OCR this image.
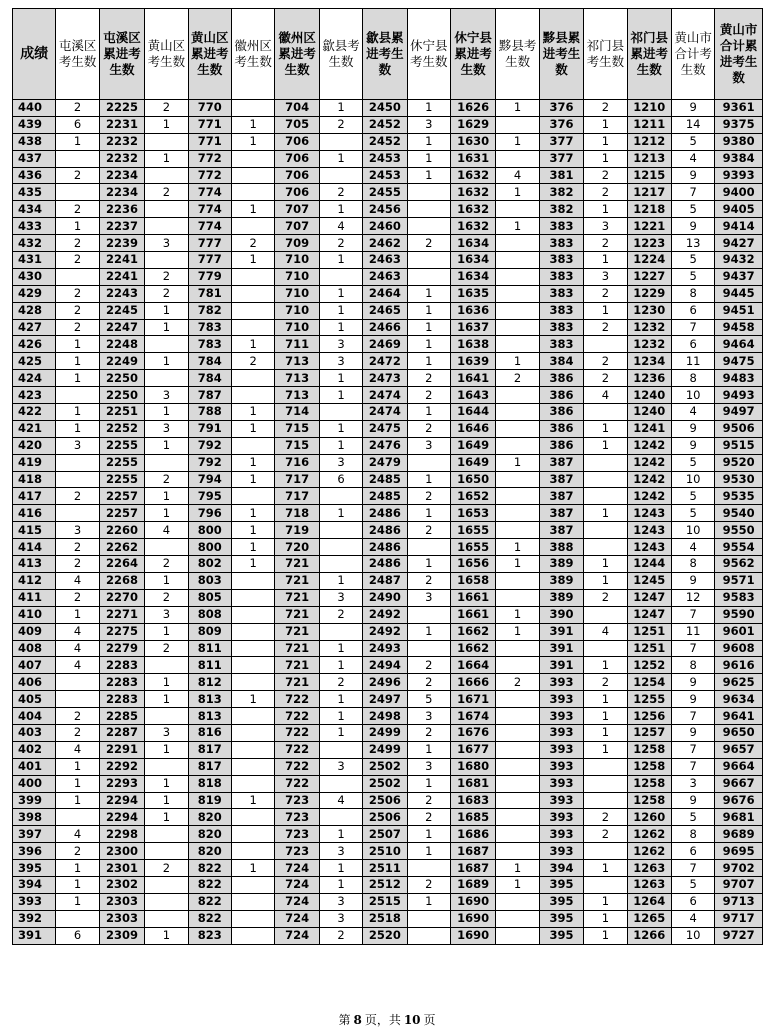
成绩	屯溪区考生数	屯溪区累进考生数	黄山区考生数	黄山区累进考生数	徽州区考生数	徽州区累进考生数	歙县考生数	歙县累进考生数	休宁县考生数	休宁县累进考生数	黟县考生数	黟县累进考生数	祁门县考生数	祁门县累进考生数	黄山市合计考生数	黄山市合计累进考生数
440	2	2225	2	770		704	1	2450	1	1626	1	376	2	1210	9	9361
439	6	2231	1	771	1	705	2	2452	3	1629		376	1	1211	14	9375
438	1	2232		771	1	706		2452	1	1630	1	377	1	1212	5	9380
437		2232	1	772		706	1	2453	1	1631		377	1	1213	4	9384
436	2	2234		772		706		2453	1	1632	4	381	2	1215	9	9393
435		2234	2	774		706	2	2455		1632	1	382	2	1217	7	9400
434	2	2236		774	1	707	1	2456		1632		382	1	1218	5	9405
433	1	2237		774		707	4	2460		1632	1	383	3	1221	9	9414
432	2	2239	3	777	2	709	2	2462	2	1634		383	2	1223	13	9427
431	2	2241		777	1	710	1	2463		1634		383	1	1224	5	9432
430		2241	2	779		710		2463		1634		383	3	1227	5	9437
429	2	2243	2	781		710	1	2464	1	1635		383	2	1229	8	9445
428	2	2245	1	782		710	1	2465	1	1636		383	1	1230	6	9451
427	2	2247	1	783		710	1	2466	1	1637		383	2	1232	7	9458
426	1	2248		783	1	711	3	2469	1	1638		383		1232	6	9464
425	1	2249	1	784	2	713	3	2472	1	1639	1	384	2	1234	11	9475
424	1	2250		784		713	1	2473	2	1641	2	386	2	1236	8	9483
423		2250	3	787		713	1	2474	2	1643		386	4	1240	10	9493
422	1	2251	1	788	1	714		2474	1	1644		386		1240	4	9497
421	1	2252	3	791	1	715	1	2475	2	1646		386	1	1241	9	9506
420	3	2255	1	792		715	1	2476	3	1649		386	1	1242	9	9515
419		2255		792	1	716	3	2479		1649	1	387		1242	5	9520
418		2255	2	794	1	717	6	2485	1	1650		387		1242	10	9530
417	2	2257	1	795		717		2485	2	1652		387		1242	5	9535
416		2257	1	796	1	718	1	2486	1	1653		387	1	1243	5	9540
415	3	2260	4	800	1	719		2486	2	1655		387		1243	10	9550
414	2	2262		800	1	720		2486		1655	1	388		1243	4	9554
413	2	2264	2	802	1	721		2486	1	1656	1	389	1	1244	8	9562
412	4	2268	1	803		721	1	2487	2	1658		389	1	1245	9	9571
411	2	2270	2	805		721	3	2490	3	1661		389	2	1247	12	9583
410	1	2271	3	808		721	2	2492		1661	1	390		1247	7	9590
409	4	2275	1	809		721		2492	1	1662	1	391	4	1251	11	9601
408	4	2279	2	811		721	1	2493		1662		391		1251	7	9608
407	4	2283		811		721	1	2494	2	1664		391	1	1252	8	9616
406		2283	1	812		721	2	2496	2	1666	2	393	2	1254	9	9625
405		2283	1	813	1	722	1	2497	5	1671		393	1	1255	9	9634
404	2	2285		813		722	1	2498	3	1674		393	1	1256	7	9641
403	2	2287	3	816		722	1	2499	2	1676		393	1	1257	9	9650
402	4	2291	1	817		722		2499	1	1677		393	1	1258	7	9657
401	1	2292		817		722	3	2502	3	1680		393		1258	7	9664
400	1	2293	1	818		722		2502	1	1681		393		1258	3	9667
399	1	2294	1	819	1	723	4	2506	2	1683		393		1258	9	9676
398		2294	1	820		723		2506	2	1685		393	2	1260	5	9681
397	4	2298		820		723	1	2507	1	1686		393	2	1262	8	9689
396	2	2300		820		723	3	2510	1	1687		393		1262	6	9695
395	1	2301	2	822	1	724	1	2511		1687	1	394	1	1263	7	9702
394	1	2302		822		724	1	2512	2	1689	1	395		1263	5	9707
393	1	2303		822		724	3	2515	1	1690		395	1	1264	6	9713
392		2303		822		724	3	2518		1690		395	1	1265	4	9717
391	6	2309	1	823		724	2	2520		1690		395	1	1266	10	9727
第 8 页，共 10 页
